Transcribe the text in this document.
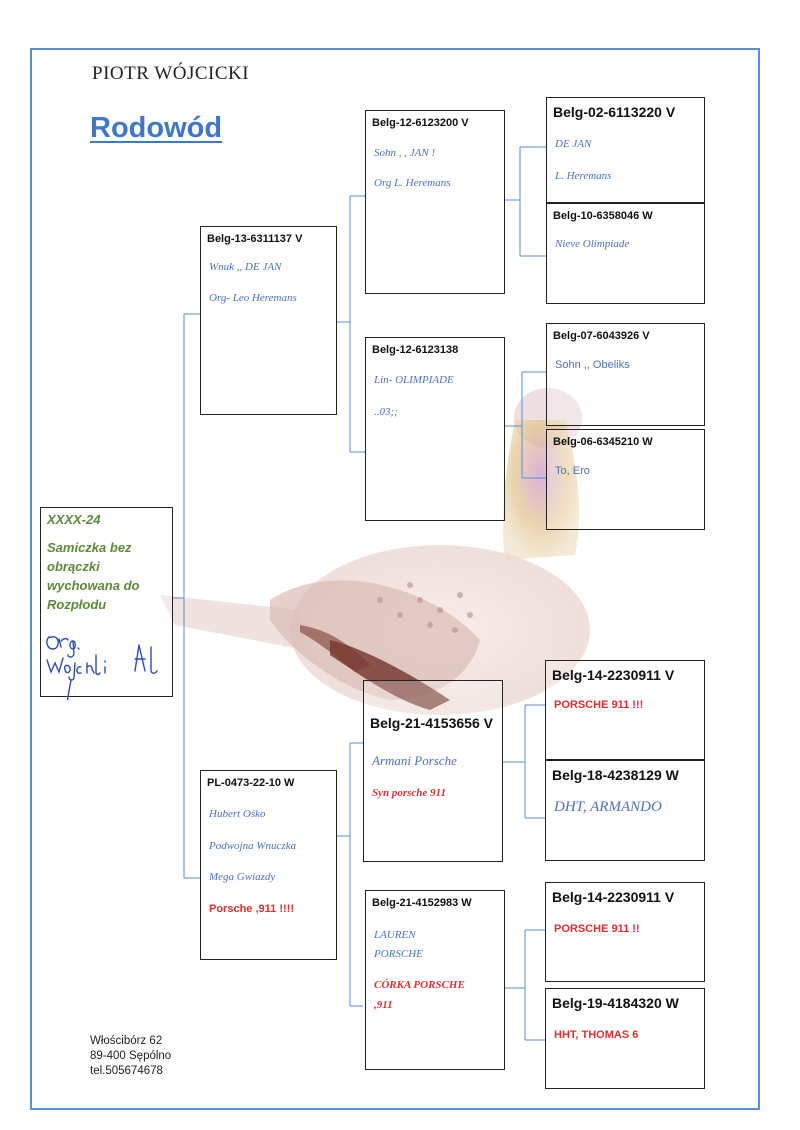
PIOTR WÓJCICKI
Rodowód
XXXX-24
Samiczka bez
obrączki
wychowana do
Rozpłodu
Belg-13-6311137 V
Wnuk ,, DE JAN
Org- Leo Heremans
PL-0473-22-10 W
Hubert Ośko
Podwojna Wnuczka
Mega Gwiazdy
Porsche ,911 !!!!
Belg-12-6123200 V
Sohn , , JAN !
Org L. Heremans
Belg-12-6123138
Lin- OLIMPIADE
..03;;
Belg-21-4153656 V
Armani Porsche
Syn porsche 911
Belg-21-4152983 W
LAUREN
PORSCHE
CÓRKA PORSCHE
,911
Belg-02-6113220 V
DE JAN
L. Heremans
Belg-10-6358046 W
Nieve Olimpiade
Belg-07-6043926 V
Sohn ,, Obeliks
Belg-06-6345210 W
To, Ero
Belg-14-2230911 V
PORSCHE 911 !!!
Belg-18-4238129 W
DHT, ARMANDO
Belg-14-2230911 V
PORSCHE 911 !!
Belg-19-4184320 W
HHT, THOMAS 6
Włościbórz 62
89-400 Sępólno
tel.505674678
